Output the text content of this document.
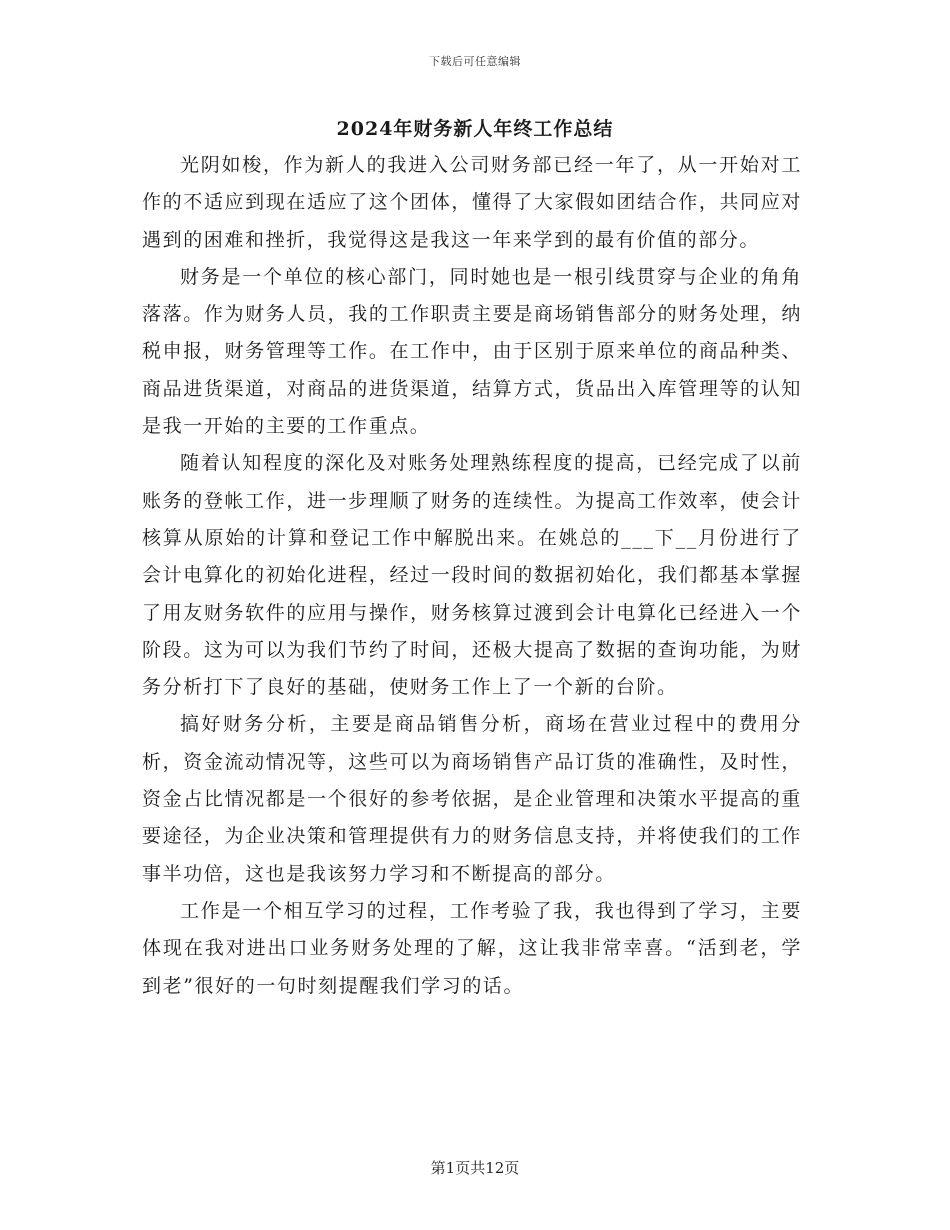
下载后可任意编辑
2024年财务新人年终工作总结

光阴如梭，作为新人的我进入公司财务部已经一年了，从一开始对工作的不适应到现在适应了这个团体，懂得了大家假如团结合作，共同应对遇到的困难和挫折，我觉得这是我这一年来学到的最有价值的部分。

财务是一个单位的核心部门，同时她也是一根引线贯穿与企业的角角落落。作为财务人员，我的工作职责主要是商场销售部分的财务处理，纳税申报，财务管理等工作。在工作中，由于区别于原来单位的商品种类、商品进货渠道，对商品的进货渠道，结算方式，货品出入库管理等的认知是我一开始的主要的工作重点。

随着认知程度的深化及对账务处理熟练程度的提高，已经完成了以前账务的登帐工作，进一步理顺了财务的连续性。为提高工作效率，使会计核算从原始的计算和登记工作中解脱出来。在姚总的___下__月份进行了会计电算化的初始化进程，经过一段时间的数据初始化，我们都基本掌握了用友财务软件的应用与操作，财务核算过渡到会计电算化已经进入一个阶段。这为可以为我们节约了时间，还极大提高了数据的查询功能，为财务分析打下了良好的基础，使财务工作上了一个新的台阶。

搞好财务分析，主要是商品销售分析，商场在营业过程中的费用分析，资金流动情况等，这些可以为商场销售产品订货的准确性，及时性，资金占比情况都是一个很好的参考依据，是企业管理和决策水平提高的重要途径，为企业决策和管理提供有力的财务信息支持，并将使我们的工作事半功倍，这也是我该努力学习和不断提高的部分。

工作是一个相互学习的过程，工作考验了我，我也得到了学习，主要体现在我对进出口业务财务处理的了解，这让我非常幸喜。“活到老，学到老”很好的一句时刻提醒我们学习的话。

第1页共12页
